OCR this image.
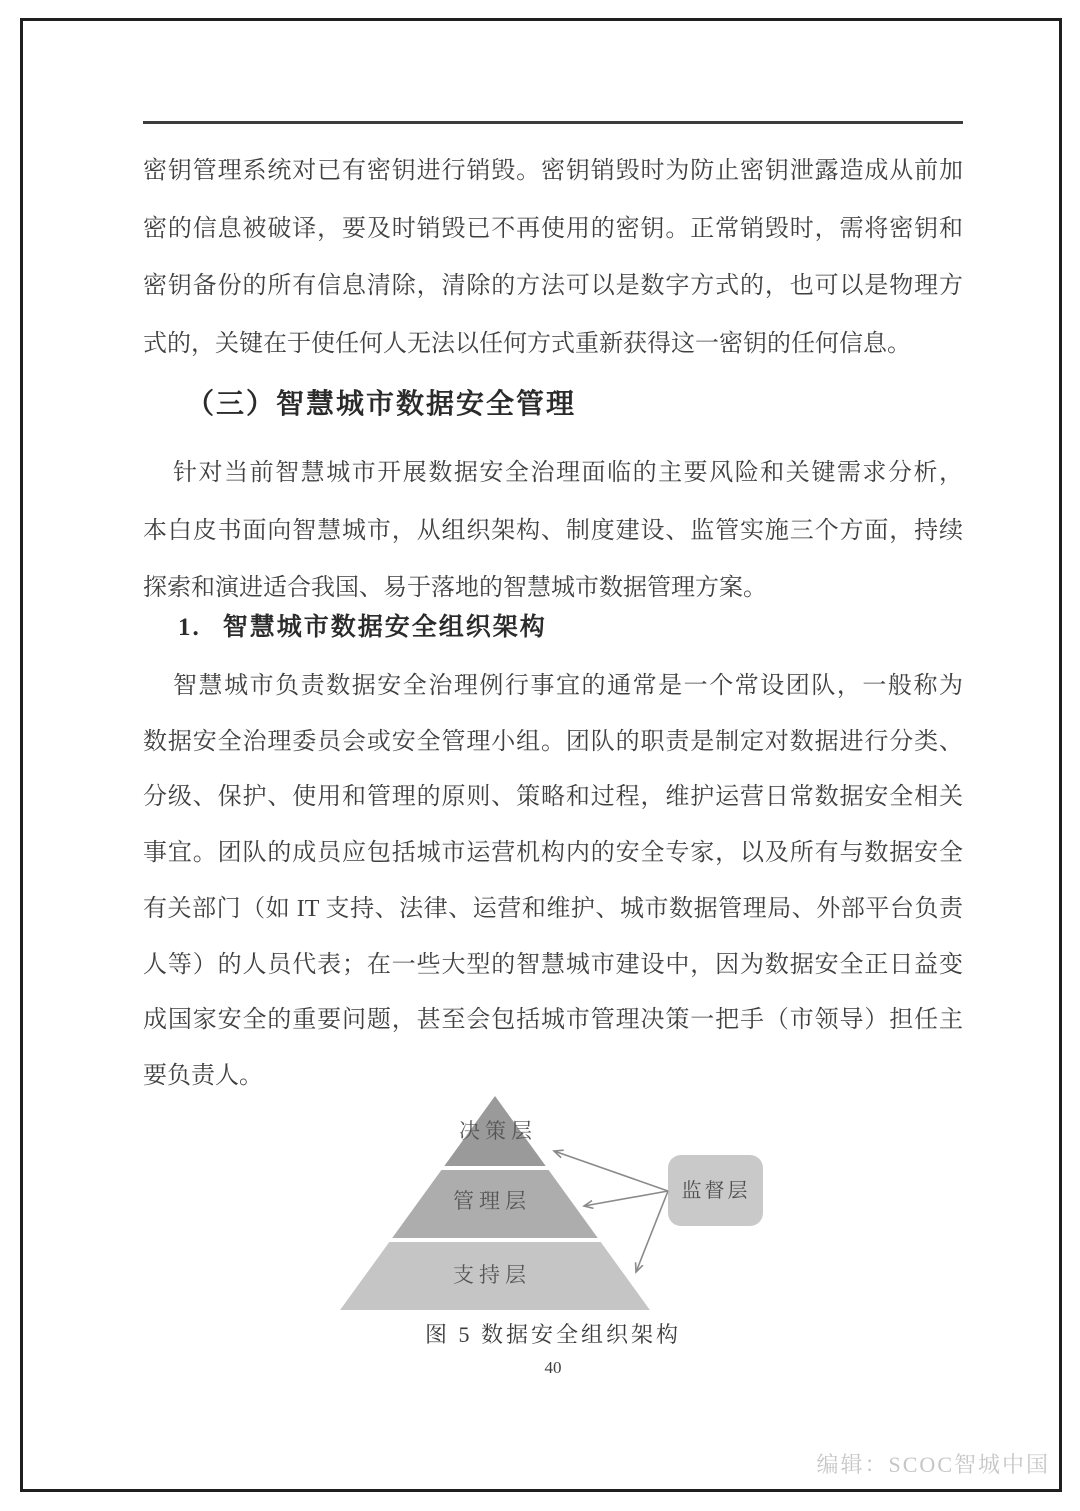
密钥管理系统对已有密钥进行销毁。密钥销毁时为防止密钥泄露造成从前加
密的信息被破译，要及时销毁已不再使用的密钥。正常销毁时，需将密钥和
密钥备份的所有信息清除，清除的方法可以是数字方式的，也可以是物理方
式的，关键在于使任何人无法以任何方式重新获得这一密钥的任何信息。
（三）智慧城市数据安全管理
针对当前智慧城市开展数据安全治理面临的主要风险和关键需求分析，
本白皮书面向智慧城市，从组织架构、制度建设、监管实施三个方面，持续
探索和演进适合我国、易于落地的智慧城市数据管理方案。
1. 智慧城市数据安全组织架构
智慧城市负责数据安全治理例行事宜的通常是一个常设团队，一般称为
数据安全治理委员会或安全管理小组。团队的职责是制定对数据进行分类、
分级、保护、使用和管理的原则、策略和过程，维护运营日常数据安全相关
事宜。团队的成员应包括城市运营机构内的安全专家，以及所有与数据安全
有关部门（如 IT 支持、法律、运营和维护、城市数据管理局、外部平台负责
人等）的人员代表；在一些大型的智慧城市建设中，因为数据安全正日益变
成国家安全的重要问题，甚至会包括城市管理决策一把手（市领导）担任主
要负责人。
决策层
管理层
支持层
监督层
图 5 数据安全组织架构
40
编辑：SCOC智城中国
